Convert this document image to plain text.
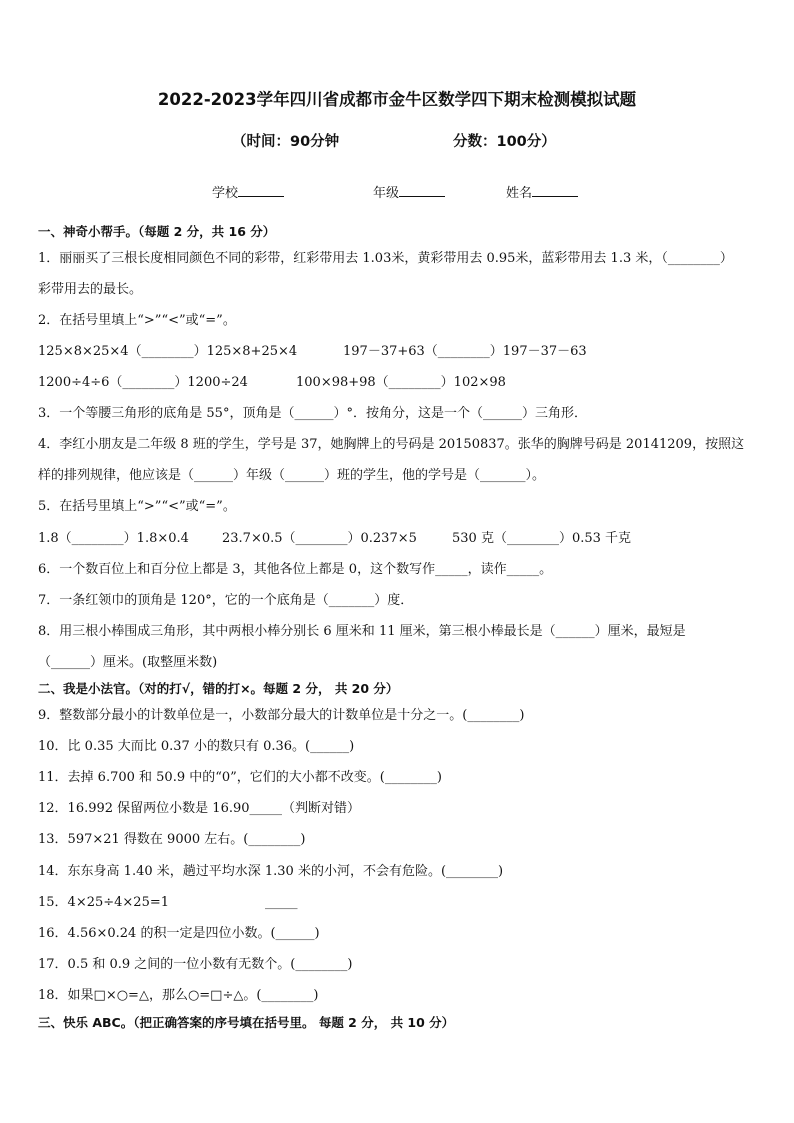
2022-2023学年四川省成都市金牛区数学四下期末检测模拟试题
（时间：90分钟	分数：100分）
学校	年级	姓名
一、神奇小帮手。（每题 2 分，共 16 分）
1．丽丽买了三根长度相同颜色不同的彩带，红彩带用去 1.03米，黄彩带用去 0.95米，蓝彩带用去 1.3 米，（________）
彩带用去的最长。
2．在括号里填上“>”“<”或“=”。
125×8×25×4（________）125×8+25×4	197－37+63（________）197－37－63
1200÷4÷6（________）1200÷24	100×98+98（________）102×98
3．一个等腰三角形的底角是 55°，顶角是（______）°．按角分，这是一个（______）三角形．
4．李红小朋友是二年级 8 班的学生，学号是 37，她胸牌上的号码是 20150837。张华的胸牌号码是 20141209，按照这
样的排列规律，他应该是（______）年级（______）班的学生，他的学号是（_______）。
5．在括号里填上“>”“<”或“=”。
1.8（________）1.8×0.4	23.7×0.5（________）0.237×5	530 克（________）0.53 千克
6．一个数百位上和百分位上都是 3，其他各位上都是 0，这个数写作_____，读作_____。
7．一条红领巾的顶角是 120°，它的一个底角是（_______）度．
8．用三根小棒围成三角形，其中两根小棒分别长 6 厘米和 11 厘米，第三根小棒最长是（______）厘米，最短是
（______）厘米。(取整厘米数)
二、我是小法官。（对的打√，错的打×。每题 2 分， 共 20 分）
9．整数部分最小的计数单位是一，小数部分最大的计数单位是十分之一。(________)
10．比 0.35 大而比 0.37 小的数只有 0.36。(______)
11．去掉 6.700 和 50.9 中的“0”，它们的大小都不改变。(________)
12．16.992 保留两位小数是 16.90_____（判断对错）
13．597×21 得数在 9000 左右。(________)
14．东东身高 1.40 米，趟过平均水深 1.30 米的小河，不会有危险。(________)
15．4×25÷4×25=1	_____
16．4.56×0.24 的积一定是四位小数。(______)
17．0.5 和 0.9 之间的一位小数有无数个。(________)
18．如果□×○=△，那么○=□÷△。(________)
三、快乐 ABC。（把正确答案的序号填在括号里。 每题 2 分， 共 10 分）
